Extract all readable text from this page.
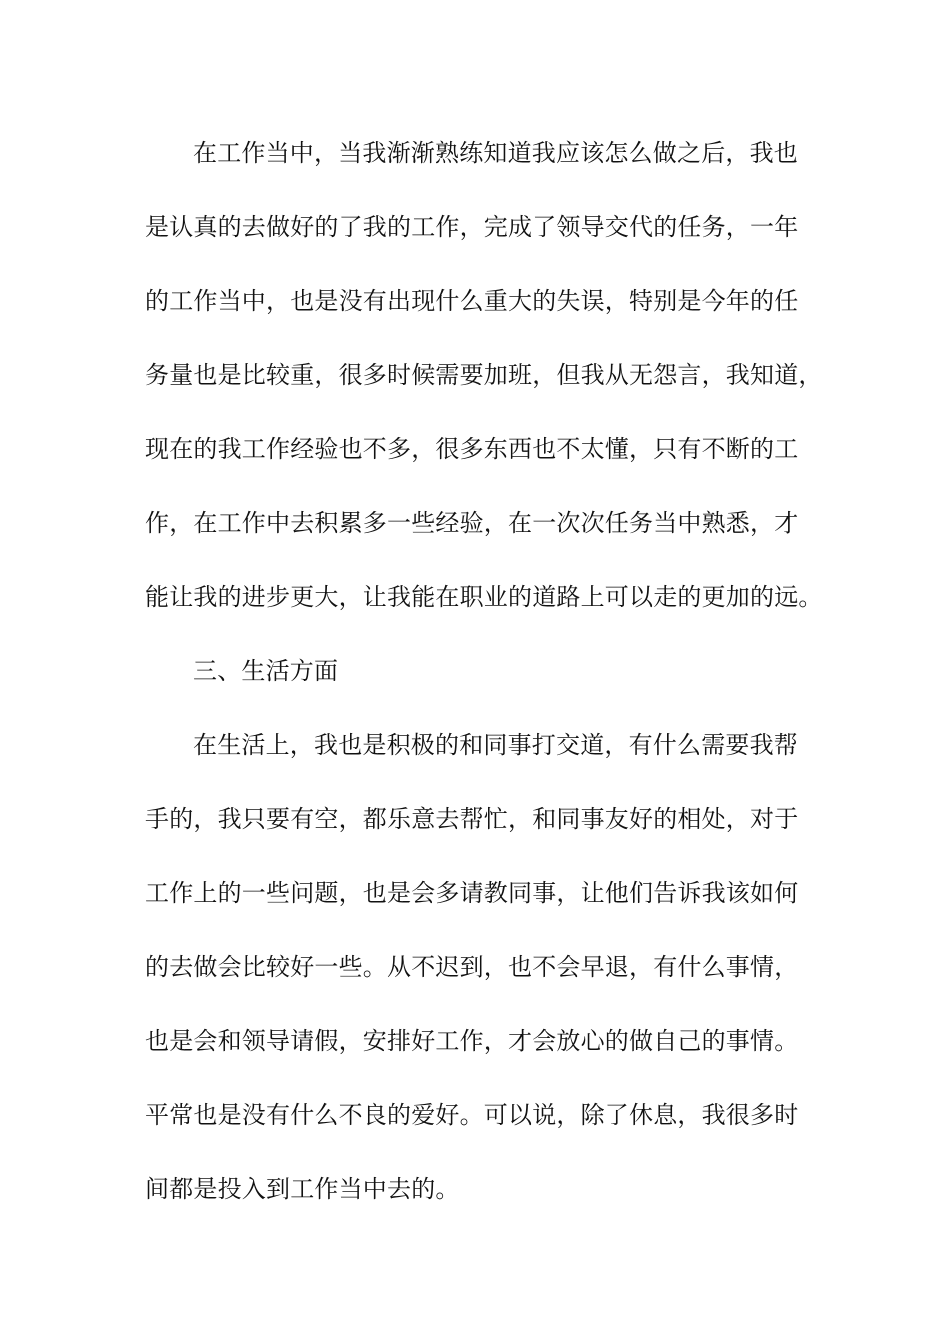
在工作当中，当我渐渐熟练知道我应该怎么做之后，我也
是认真的去做好的了我的工作，完成了领导交代的任务，一年
的工作当中，也是没有出现什么重大的失误，特别是今年的任
务量也是比较重，很多时候需要加班，但我从无怨言，我知道，
现在的我工作经验也不多，很多东西也不太懂，只有不断的工
作，在工作中去积累多一些经验，在一次次任务当中熟悉，才
能让我的进步更大，让我能在职业的道路上可以走的更加的远。
三、生活方面
在生活上，我也是积极的和同事打交道，有什么需要我帮
手的，我只要有空，都乐意去帮忙，和同事友好的相处，对于
工作上的一些问题，也是会多请教同事，让他们告诉我该如何
的去做会比较好一些。从不迟到，也不会早退，有什么事情，
也是会和领导请假，安排好工作，才会放心的做自己的事情。
平常也是没有什么不良的爱好。可以说，除了休息，我很多时
间都是投入到工作当中去的。
